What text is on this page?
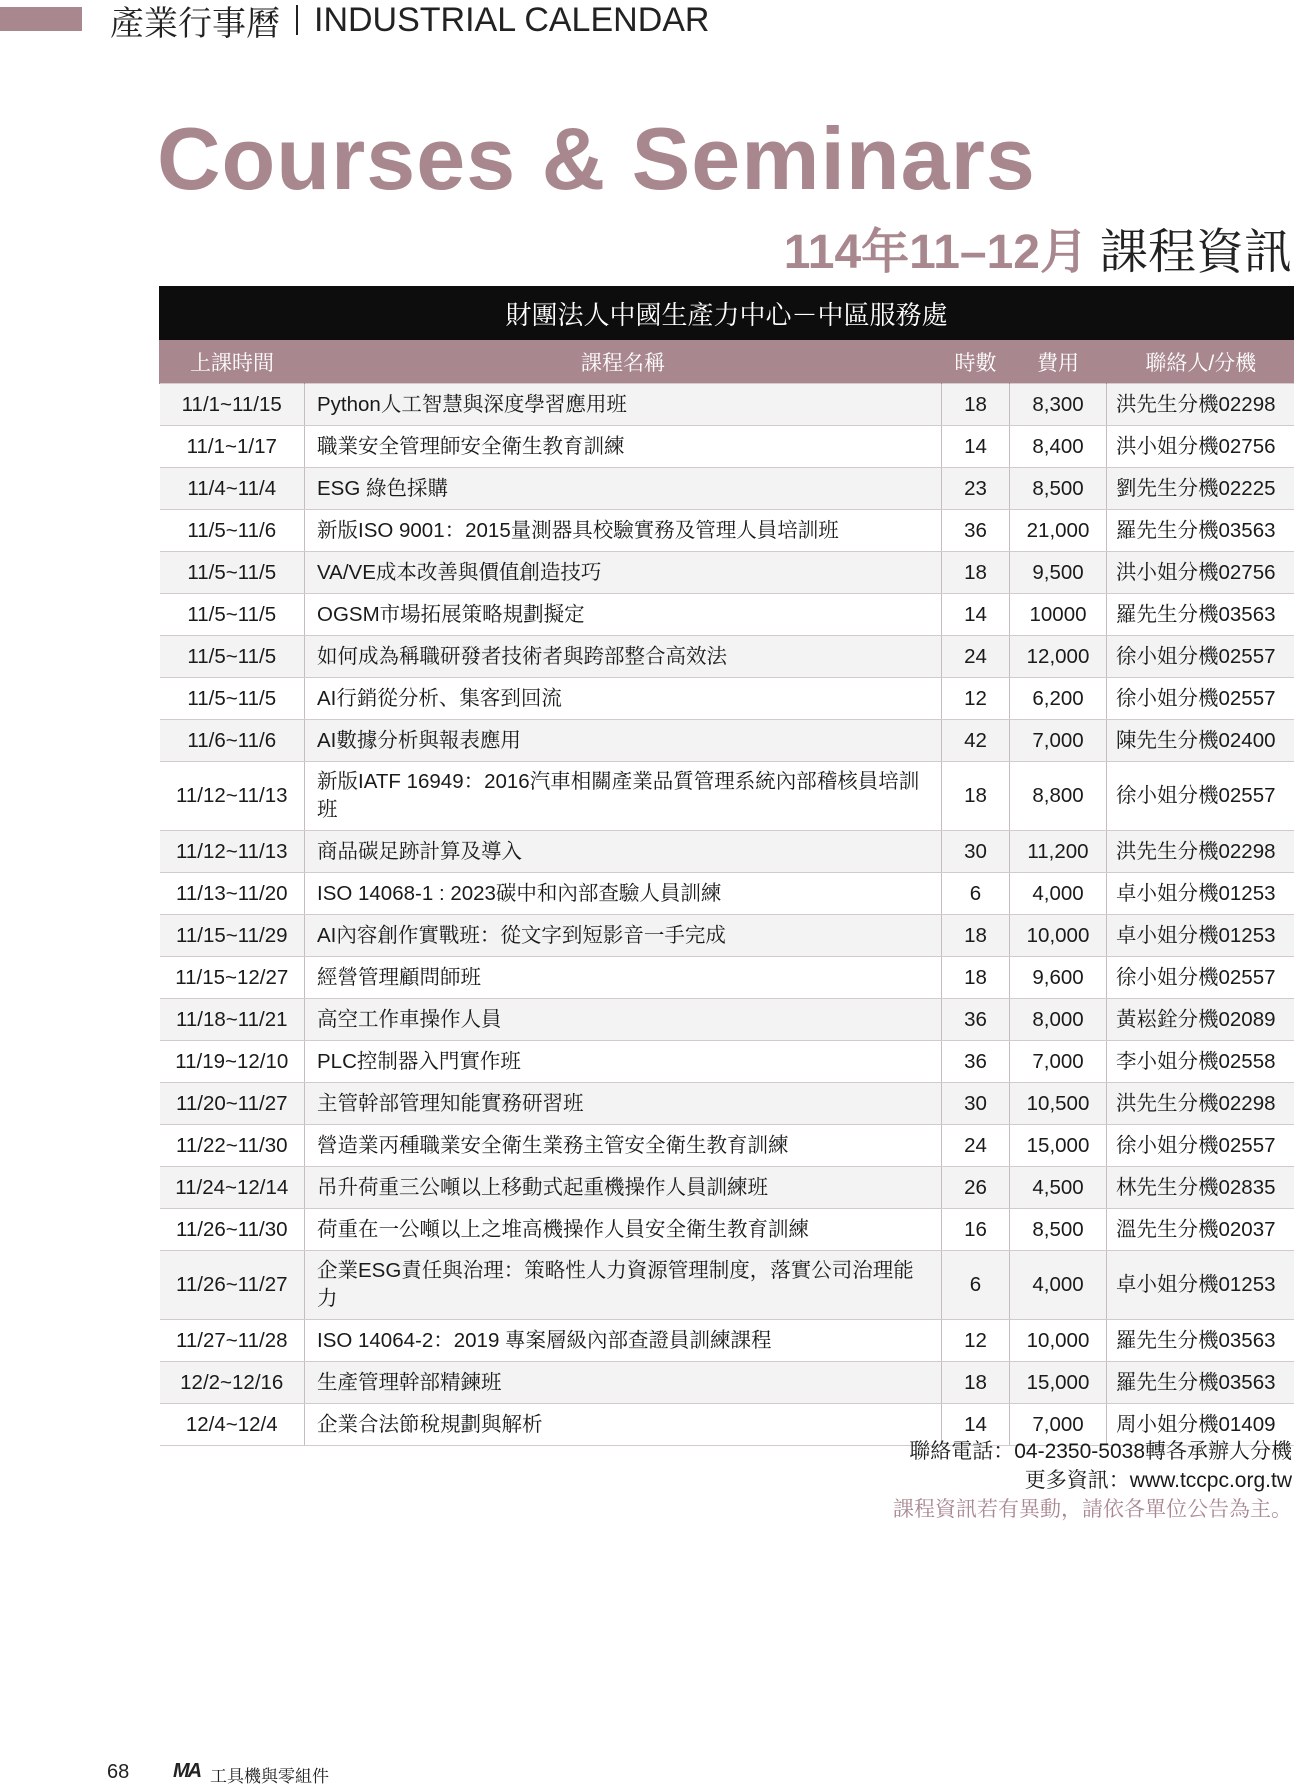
產業行事曆 INDUSTRIAL CALENDAR
Courses & Seminars
114年11–12月 課程資訊
財團法人中國生產力中心－中區服務處
上課時間	課程名稱	時數	費用	聯絡人/分機
11/1~11/15	Python人工智慧與深度學習應用班	18	8,300	洪先生分機02298
11/1~1/17	職業安全管理師安全衛生教育訓練	14	8,400	洪小姐分機02756
11/4~11/4	ESG 綠色採購	23	8,500	劉先生分機02225
11/5~11/6	新版ISO 9001：2015量測器具校驗實務及管理人員培訓班	36	21,000	羅先生分機03563
11/5~11/5	VA/VE成本改善與價值創造技巧	18	9,500	洪小姐分機02756
11/5~11/5	OGSM市場拓展策略規劃擬定	14	10000	羅先生分機03563
11/5~11/5	如何成為稱職研發者技術者與跨部整合高效法	24	12,000	徐小姐分機02557
11/5~11/5	AI行銷從分析、集客到回流	12	6,200	徐小姐分機02557
11/6~11/6	AI數據分析與報表應用	42	7,000	陳先生分機02400
11/12~11/13	新版IATF 16949：2016汽車相關產業品質管理系統內部稽核員培訓班	18	8,800	徐小姐分機02557
11/12~11/13	商品碳足跡計算及導入	30	11,200	洪先生分機02298
11/13~11/20	ISO 14068-1 : 2023碳中和內部查驗人員訓練	6	4,000	卓小姐分機01253
11/15~11/29	AI內容創作實戰班：從文字到短影音一手完成	18	10,000	卓小姐分機01253
11/15~12/27	經營管理顧問師班	18	9,600	徐小姐分機02557
11/18~11/21	高空工作車操作人員	36	8,000	黃崧銓分機02089
11/19~12/10	PLC控制器入門實作班	36	7,000	李小姐分機02558
11/20~11/27	主管幹部管理知能實務研習班	30	10,500	洪先生分機02298
11/22~11/30	營造業丙種職業安全衛生業務主管安全衛生教育訓練	24	15,000	徐小姐分機02557
11/24~12/14	吊升荷重三公噸以上移動式起重機操作人員訓練班	26	4,500	林先生分機02835
11/26~11/30	荷重在一公噸以上之堆高機操作人員安全衛生教育訓練	16	8,500	溫先生分機02037
11/26~11/27	企業ESG責任與治理：策略性人力資源管理制度，落實公司治理能力	6	4,000	卓小姐分機01253
11/27~11/28	ISO 14064-2：2019 專案層級內部查證員訓練課程	12	10,000	羅先生分機03563
12/2~12/16	生產管理幹部精鍊班	18	15,000	羅先生分機03563
12/4~12/4	企業合法節稅規劃與解析	14	7,000	周小姐分機01409
聯絡電話：04-2350-5038轉各承辦人分機
更多資訊：www.tccpc.org.tw
課程資訊若有異動，請依各單位公告為主。
68 MA 工具機與零組件
